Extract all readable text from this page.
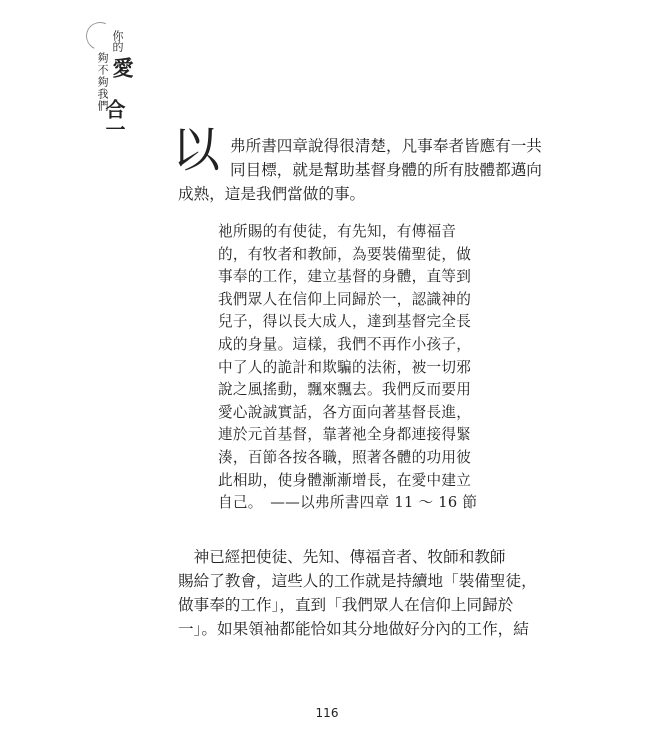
你的
愛
夠不夠我們
合一 以 弗所書四章說得很清楚，凡事奉者皆應有一共
同目標，就是幫助基督身體的所有肢體都邁向
成熟，這是我們當做的事。
祂所賜的有使徒，有先知，有傳福音
的，有牧者和教師，為要裝備聖徒，做
事奉的工作，建立基督的身體，直等到
我們眾人在信仰上同歸於一，認識神的
兒子，得以長大成人，達到基督完全長
成的身量。這樣，我們不再作小孩子，
中了人的詭計和欺騙的法術，被一切邪
說之風搖動，飄來飄去。我們反而要用
愛心說誠實話，各方面向著基督長進，
連於元首基督，靠著祂全身都連接得緊
湊，百節各按各職，照著各體的功用彼
此相助，使身體漸漸增長，在愛中建立
自己。　——以弗所書四章 11 ～ 16 節
　神已經把使徒、先知、傳福音者、牧師和教師
賜給了教會，這些人的工作就是持續地「裝備聖徒，
做事奉的工作」，直到「我們眾人在信仰上同歸於
一」。如果領袖都能恰如其分地做好分內的工作，結
116
